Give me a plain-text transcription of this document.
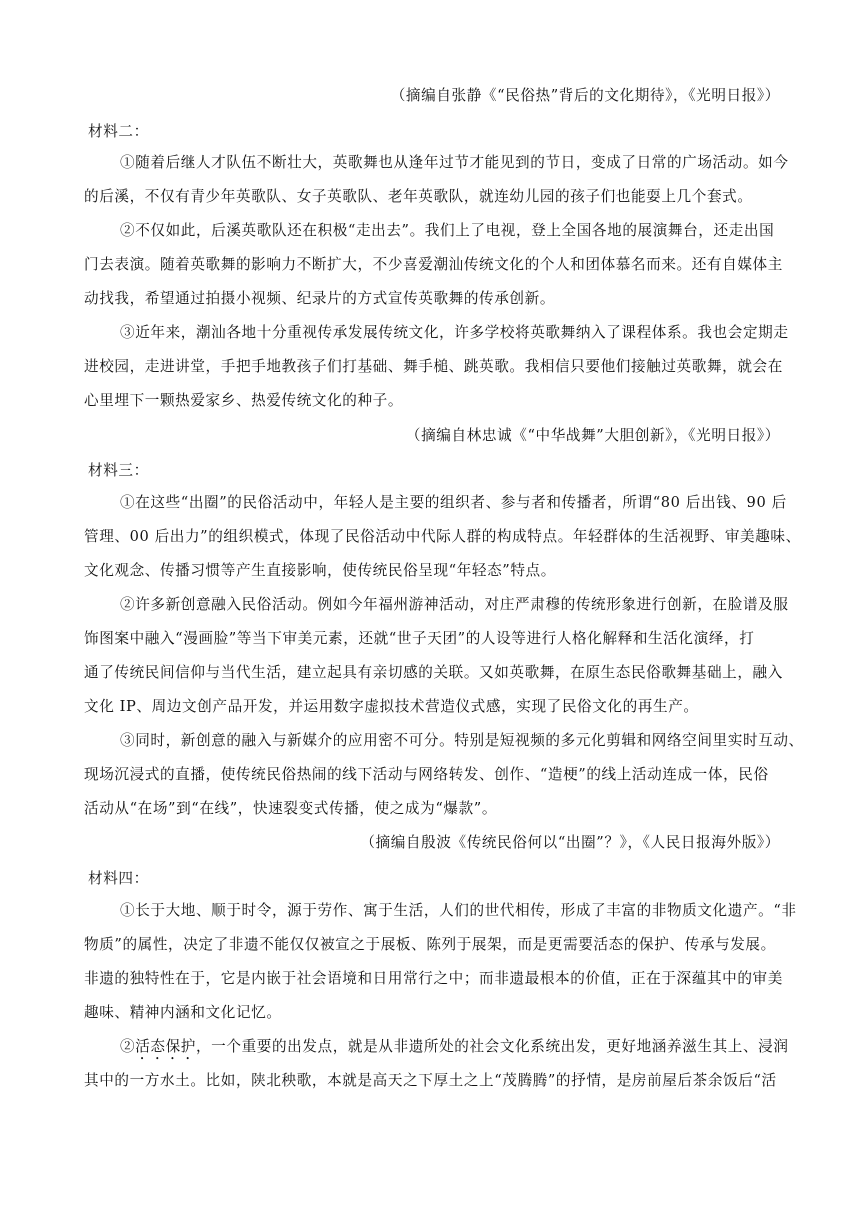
（摘编自张静《“民俗热”背后的文化期待》，《光明日报》）
材料二：
①随着后继人才队伍不断壮大，英歌舞也从逢年过节才能见到的节日，变成了日常的广场活动。如今
的后溪，不仅有青少年英歌队、女子英歌队、老年英歌队，就连幼儿园的孩子们也能耍上几个套式。
②不仅如此，后溪英歌队还在积极“走出去”。我们上了电视，登上全国各地的展演舞台，还走出国
门去表演。随着英歌舞的影响力不断扩大，不少喜爱潮汕传统文化的个人和团体慕名而来。还有自媒体主
动找我，希望通过拍摄小视频、纪录片的方式宣传英歌舞的传承创新。
③近年来，潮汕各地十分重视传承发展传统文化，许多学校将英歌舞纳入了课程体系。我也会定期走
进校园，走进讲堂，手把手地教孩子们打基础、舞手槌、跳英歌。我相信只要他们接触过英歌舞，就会在
心里埋下一颗热爱家乡、热爱传统文化的种子。
（摘编自林忠诚《“中华战舞”大胆创新》，《光明日报》）
材料三：
①在这些“出圈”的民俗活动中，年轻人是主要的组织者、参与者和传播者，所谓“80 后出钱、90 后
管理、00 后出力”的组织模式，体现了民俗活动中代际人群的构成特点。年轻群体的生活视野、审美趣味、
文化观念、传播习惯等产生直接影响，使传统民俗呈现“年轻态”特点。
②许多新创意融入民俗活动。例如今年福州游神活动，对庄严肃穆的传统形象进行创新，在脸谱及服
饰图案中融入“漫画脸”等当下审美元素，还就“世子天团”的人设等进行人格化解释和生活化演绎，打
通了传统民间信仰与当代生活，建立起具有亲切感的关联。又如英歌舞，在原生态民俗歌舞基础上，融入
文化 IP、周边文创产品开发，并运用数字虚拟技术营造仪式感，实现了民俗文化的再生产。
③同时，新创意的融入与新媒介的应用密不可分。特别是短视频的多元化剪辑和网络空间里实时互动、
现场沉浸式的直播，使传统民俗热闹的线下活动与网络转发、创作、“造梗”的线上活动连成一体，民俗
活动从“在场”到“在线”，快速裂变式传播，使之成为“爆款”。
（摘编自殷波《传统民俗何以“出圈”？》，《人民日报海外版》）
材料四：
①长于大地、顺于时令，源于劳作、寓于生活，人们的世代相传，形成了丰富的非物质文化遗产。“非
物质”的属性，决定了非遗不能仅仅被宣之于展板、陈列于展架，而是更需要活态的保护、传承与发展。
非遗的独特性在于，它是内嵌于社会语境和日用常行之中；而非遗最根本的价值，正在于深蕴其中的审美
趣味、精神内涵和文化记忆。
②活态保护，一个重要的出发点，就是从非遗所处的社会文化系统出发，更好地涵养滋生其上、浸润
其中的一方水土。比如，陕北秧歌，本就是高天之下厚土之上“茂腾腾”的抒情，是房前屋后茶余饭后“活
